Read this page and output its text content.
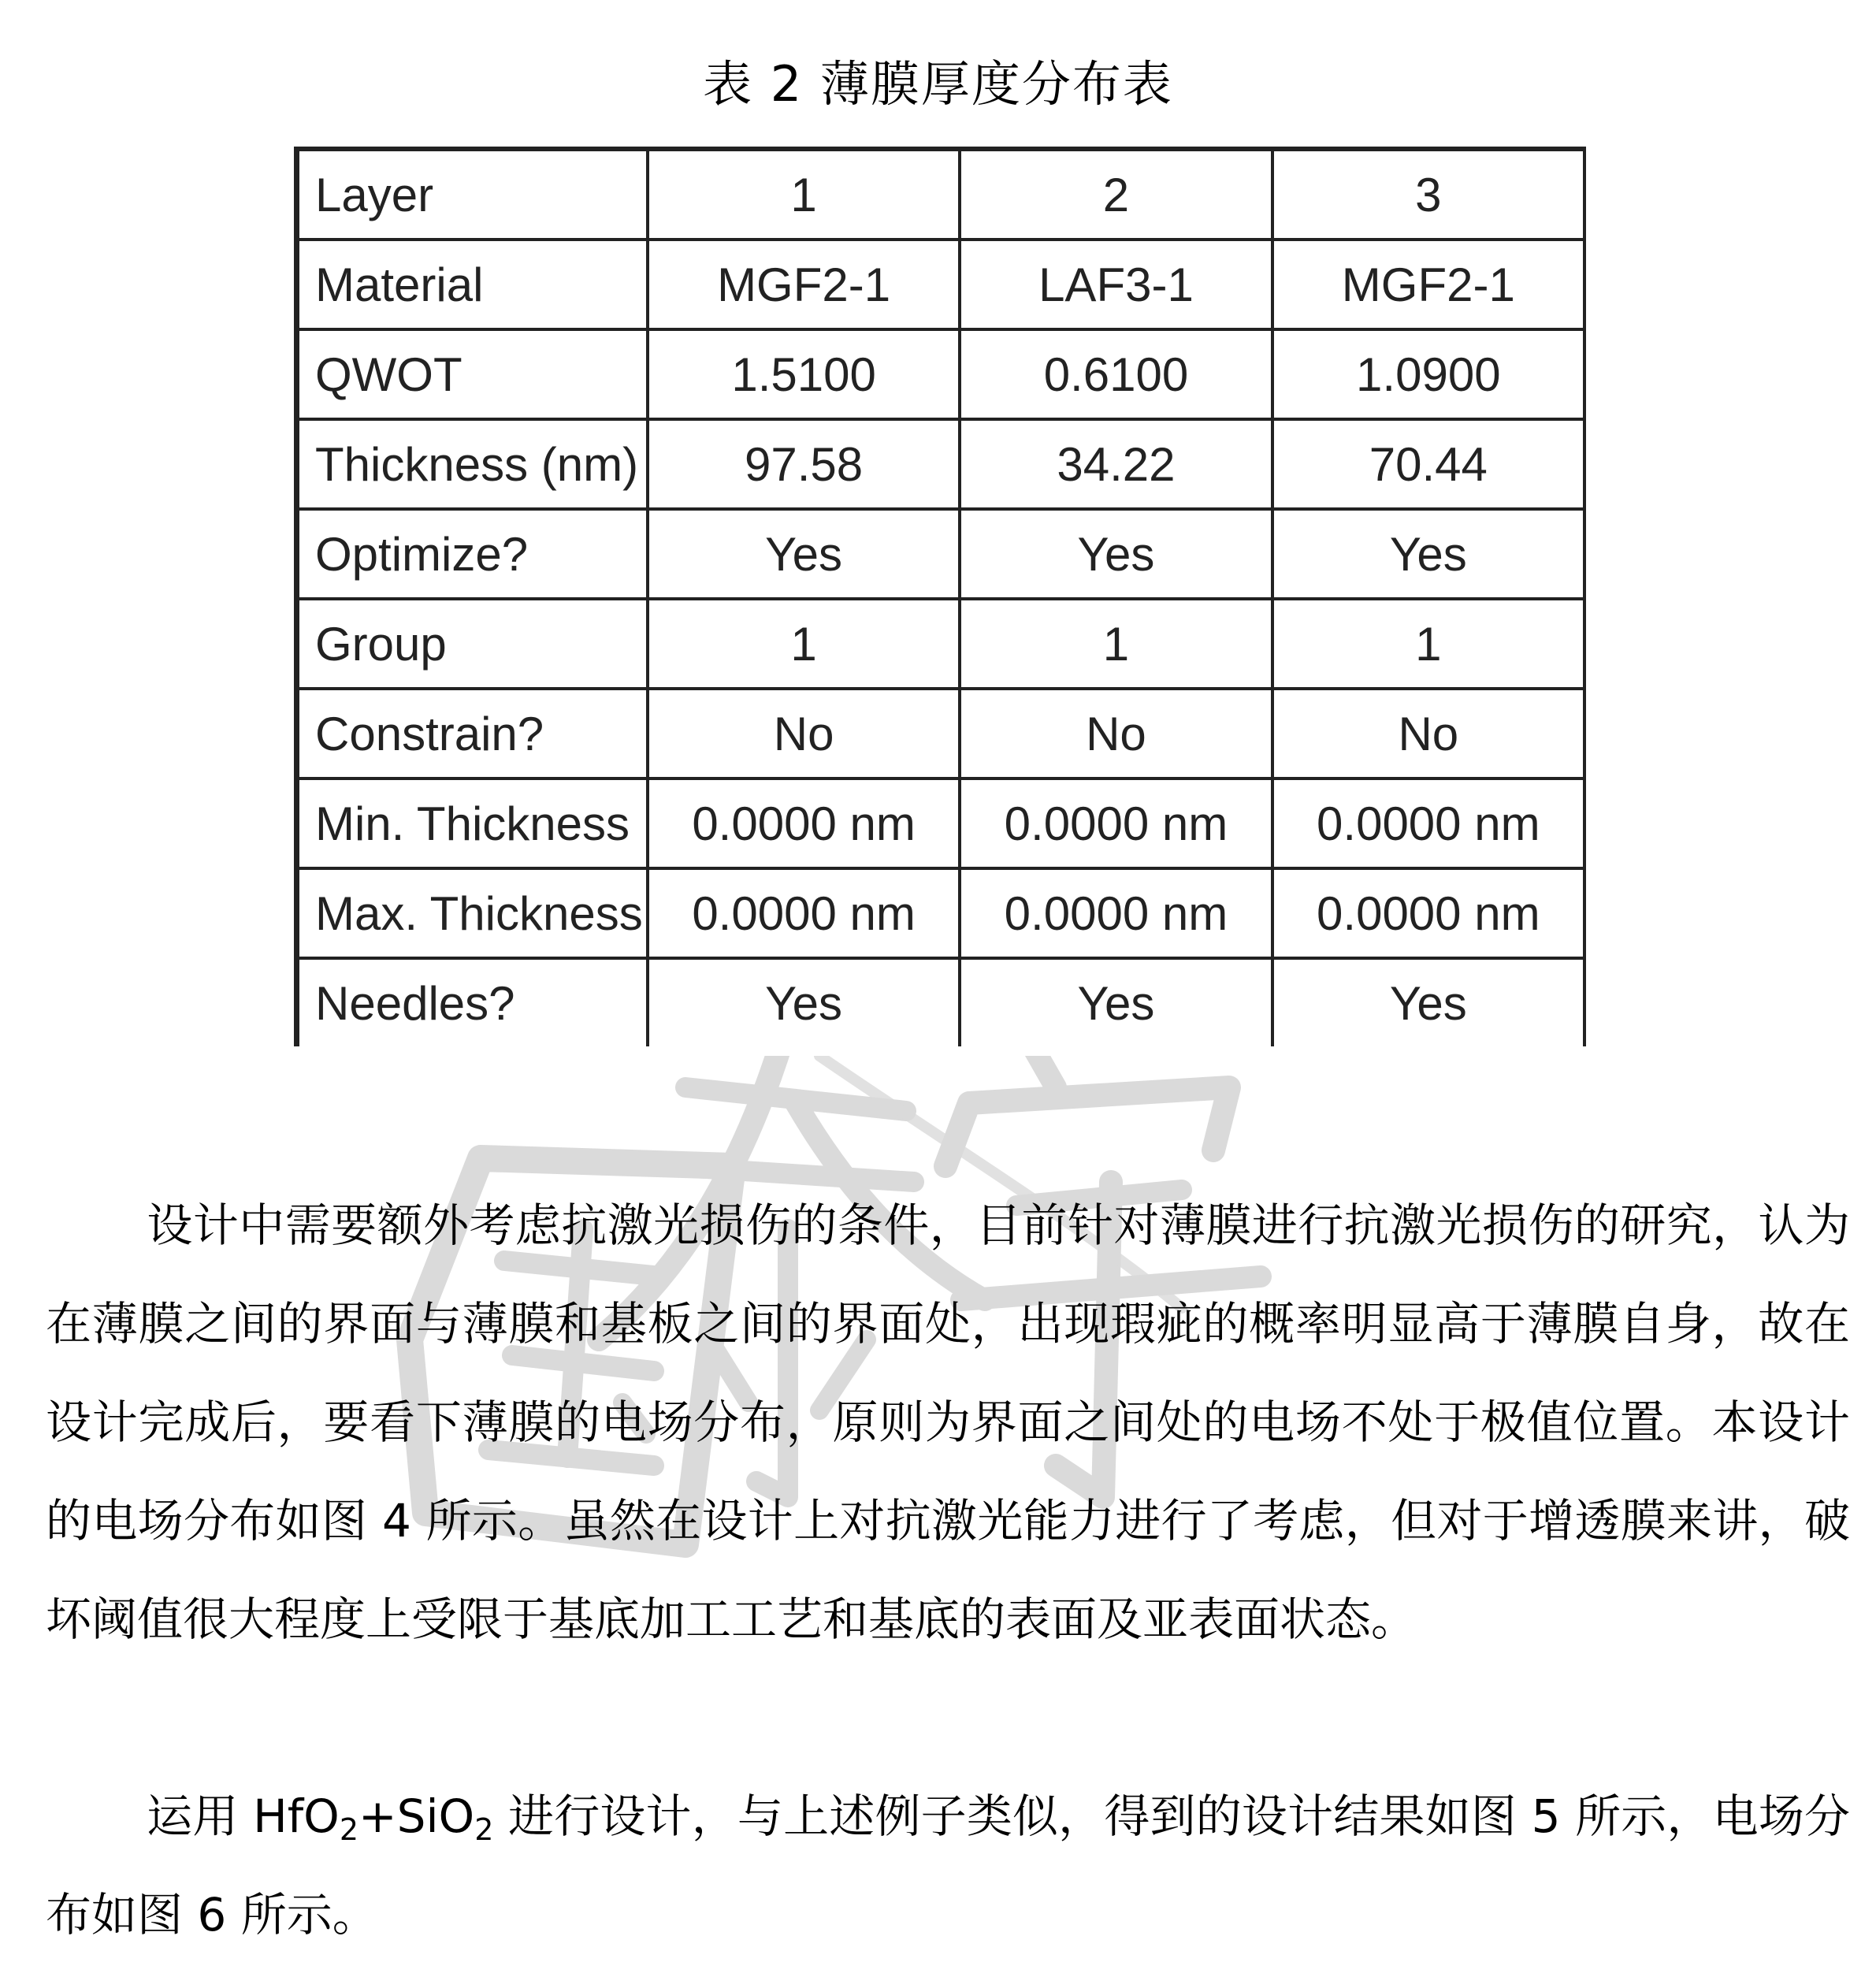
表 2 薄膜厚度分布表
Layer	1	2	3
Material	MGF2-1	LAF3-1	MGF2-1
QWOT	1.5100	0.6100	1.0900
Thickness (nm)	97.58	34.22	70.44
Optimize?	Yes	Yes	Yes
Group	1	1	1
Constrain?	No	No	No
Min. Thickness	0.0000 nm	0.0000 nm	0.0000 nm
Max. Thickness	0.0000 nm	0.0000 nm	0.0000 nm
Needles?	Yes	Yes	Yes

设计中需要额外考虑抗激光损伤的条件，目前针对薄膜进行抗激光损伤的研究，认为在薄膜之间的界面与薄膜和基板之间的界面处，出现瑕疵的概率明显高于薄膜自身，故在设计完成后，要看下薄膜的电场分布，原则为界面之间处的电场不处于极值位置。本设计的电场分布如图 4 所示。虽然在设计上对抗激光能力进行了考虑，但对于增透膜来讲，破坏阈值很大程度上受限于基底加工工艺和基底的表面及亚表面状态。

运用 HfO$_2$+SiO$_2$ 进行设计，与上述例子类似，得到的设计结果如图 5 所示，电场分布如图 6 所示。
